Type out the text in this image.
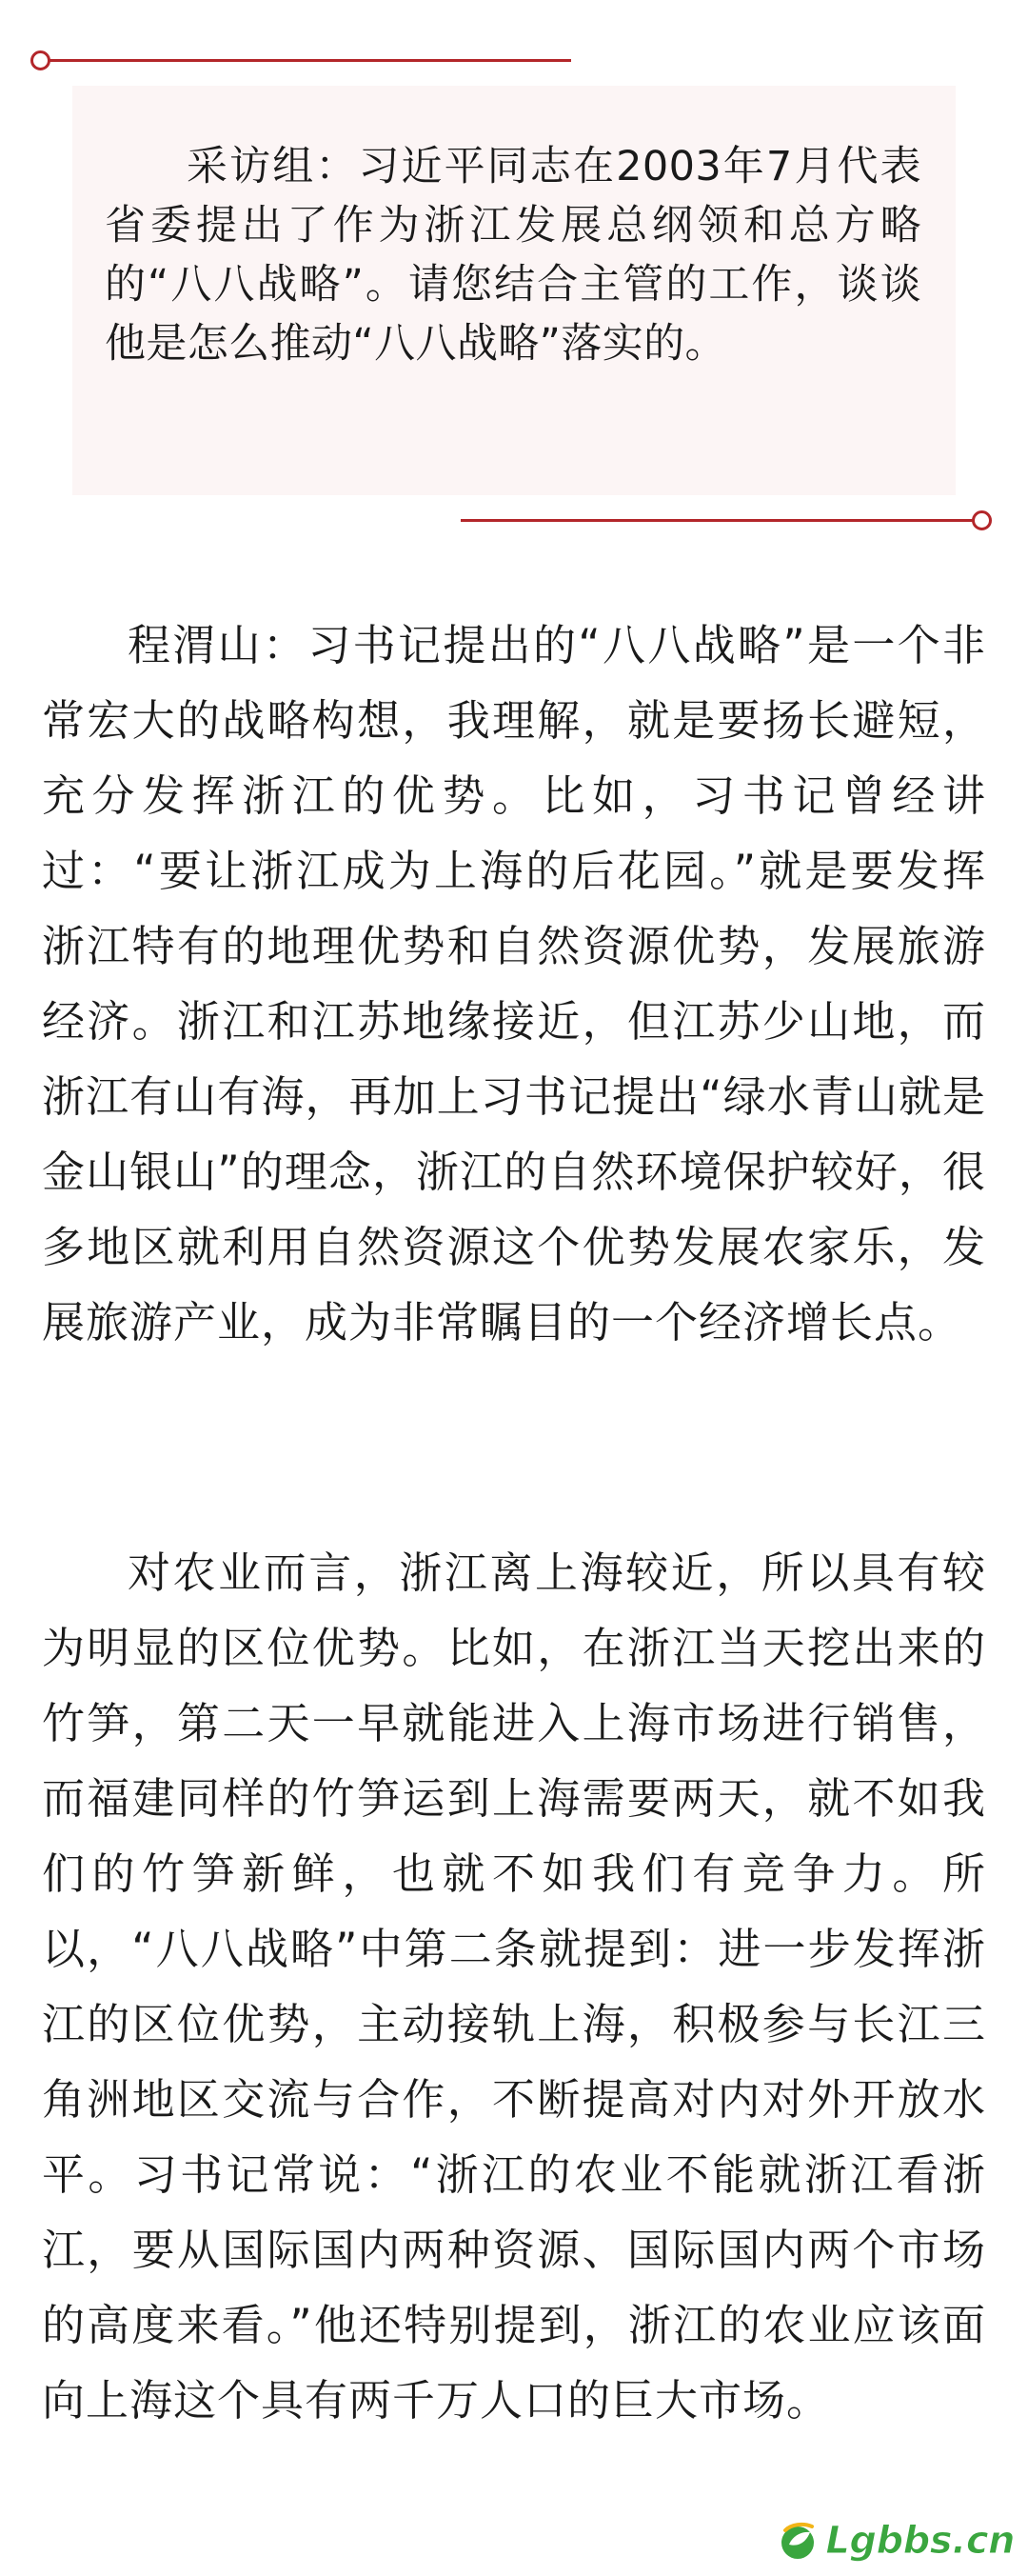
采访组：习近平同志在2003年7月代表省委提出了作为浙江发展总纲领和总方略的“八八战略”。请您结合主管的工作，谈谈他是怎么推动“八八战略”落实的。

程渭山：习书记提出的“八八战略”是一个非常宏大的战略构想，我理解，就是要扬长避短，充分发挥浙江的优势。比如，习书记曾经讲过：“要让浙江成为上海的后花园。”就是要发挥浙江特有的地理优势和自然资源优势，发展旅游经济。浙江和江苏地缘接近，但江苏少山地，而浙江有山有海，再加上习书记提出“绿水青山就是金山银山”的理念，浙江的自然环境保护较好，很多地区就利用自然资源这个优势发展农家乐，发展旅游产业，成为非常瞩目的一个经济增长点。

对农业而言，浙江离上海较近，所以具有较为明显的区位优势。比如，在浙江当天挖出来的竹笋，第二天一早就能进入上海市场进行销售，而福建同样的竹笋运到上海需要两天，就不如我们的竹笋新鲜，也就不如我们有竞争力。所以，“八八战略”中第二条就提到：进一步发挥浙江的区位优势，主动接轨上海，积极参与长江三角洲地区交流与合作，不断提高对内对外开放水平。习书记常说：“浙江的农业不能就浙江看浙江，要从国际国内两种资源、国际国内两个市场的高度来看。”他还特别提到，浙江的农业应该面向上海这个具有两千万人口的巨大市场。

Lgbbs.cn
